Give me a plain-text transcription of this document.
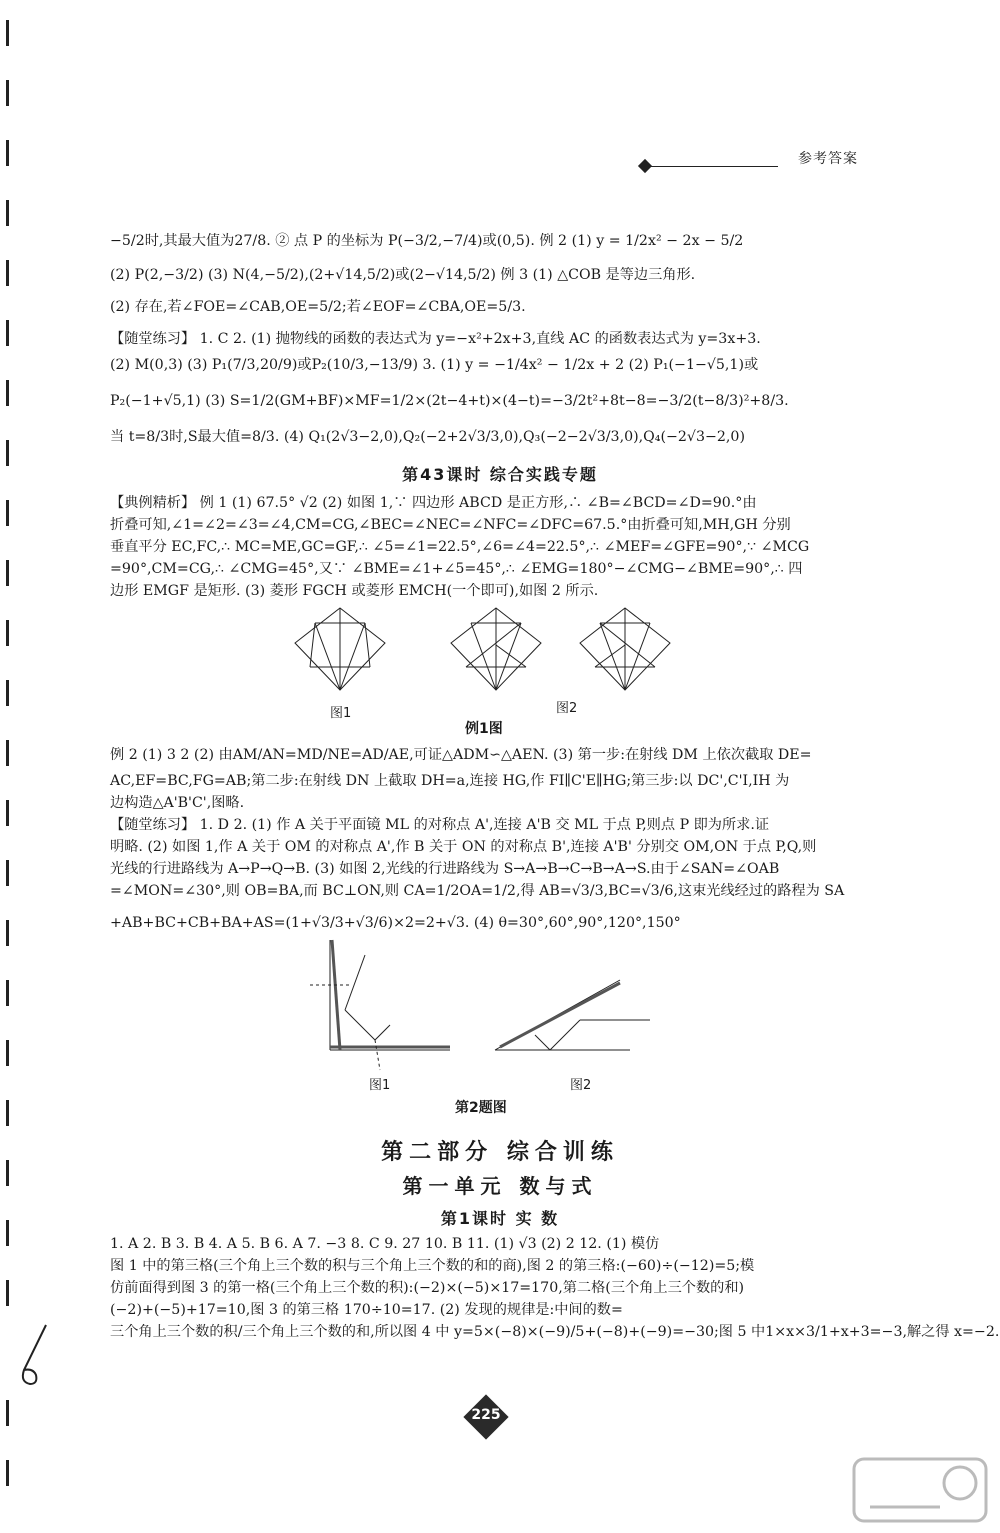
参考答案
−5/2时,其最大值为27/8. ② 点 P 的坐标为 P(−3/2,−7/4)或(0,5). 例 2 (1) y = 1/2x² − 2x − 5/2
(2) P(2,−3/2) (3) N(4,−5/2),(2+√14,5/2)或(2−√14,5/2) 例 3 (1) △COB 是等边三角形.
(2) 存在,若∠FOE=∠CAB,OE=5/2;若∠EOF=∠CBA,OE=5/3.
【随堂练习】 1. C 2. (1) 抛物线的函数的表达式为 y=−x²+2x+3,直线 AC 的函数表达式为 y=3x+3.
(2) M(0,3) (3) P₁(7/3,20/9)或P₂(10/3,−13/9) 3. (1) y = −1/4x² − 1/2x + 2 (2) P₁(−1−√5,1)或
P₂(−1+√5,1) (3) S=1/2(GM+BF)×MF=1/2×(2t−4+t)×(4−t)=−3/2t²+8t−8=−3/2(t−8/3)²+8/3.
当 t=8/3时,S最大值=8/3. (4) Q₁(2√3−2,0),Q₂(−2+2√3/3,0),Q₃(−2−2√3/3,0),Q₄(−2√3−2,0)
第43课时 综合实践专题
【典例精析】 例 1 (1) 67.5° √2 (2) 如图 1,∵ 四边形 ABCD 是正方形,∴ ∠B=∠BCD=∠D=90.°由
折叠可知,∠1=∠2=∠3=∠4,CM=CG,∠BEC=∠NEC=∠NFC=∠DFC=67.5.°由折叠可知,MH,GH 分别
垂直平分 EC,FC,∴ MC=ME,GC=GF,∴ ∠5=∠1=22.5°,∠6=∠4=22.5°,∴ ∠MEF=∠GFE=90°,∵ ∠MCG
=90°,CM=CG,∴ ∠CMG=45°,又∵ ∠BME=∠1+∠5=45°,∴ ∠EMG=180°−∠CMG−∠BME=90°,∴ 四
边形 EMGF 是矩形. (3) 菱形 FGCH 或菱形 EMCH(一个即可),如图 2 所示.
图1	图2
例1图
例 2 (1) 3 2 (2) 由AM/AN=MD/NE=AD/AE,可证△ADM∽△AEN. (3) 第一步:在射线 DM 上依次截取 DE=
AC,EF=BC,FG=AB;第二步:在射线 DN 上截取 DH=a,连接 HG,作 FI∥C'E∥HG;第三步:以 DC',C'I,IH 为
边构造△A'B'C',图略.
【随堂练习】 1. D 2. (1) 作 A 关于平面镜 ML 的对称点 A',连接 A'B 交 ML 于点 P,则点 P 即为所求.证
明略. (2) 如图 1,作 A 关于 OM 的对称点 A',作 B 关于 ON 的对称点 B',连接 A'B' 分别交 OM,ON 于点 P,Q,则
光线的行进路线为 A→P→Q→B. (3) 如图 2,光线的行进路线为 S→A→B→C→B→A→S.由于∠SAN=∠OAB
=∠MON=∠30°,则 OB=BA,而 BC⊥ON,则 CA=1/2OA=1/2,得 AB=√3/3,BC=√3/6,这束光线经过的路程为 SA
+AB+BC+CB+BA+AS=(1+√3/3+√3/6)×2=2+√3. (4) θ=30°,60°,90°,120°,150°
图1	图2
第2题图
第二部分 综合训练
第一单元 数与式
第1课时 实 数
1. A 2. B 3. B 4. A 5. B 6. A 7. −3 8. C 9. 27 10. B 11. (1) √3 (2) 2 12. (1) 模仿
图 1 中的第三格(三个角上三个数的积与三个角上三个数的和的商),图 2 的第三格:(−60)÷(−12)=5;模
仿前面得到图 3 的第一格(三个角上三个数的积):(−2)×(−5)×17=170,第二格(三个角上三个数的和)
(−2)+(−5)+17=10,图 3 的第三格 170÷10=17. (2) 发现的规律是:中间的数=
三个角上三个数的积/三个角上三个数的和,所以图 4 中 y=5×(−8)×(−9)/5+(−8)+(−9)=−30;图 5 中1×x×3/1+x+3=−3,解之得 x=−2.
225
